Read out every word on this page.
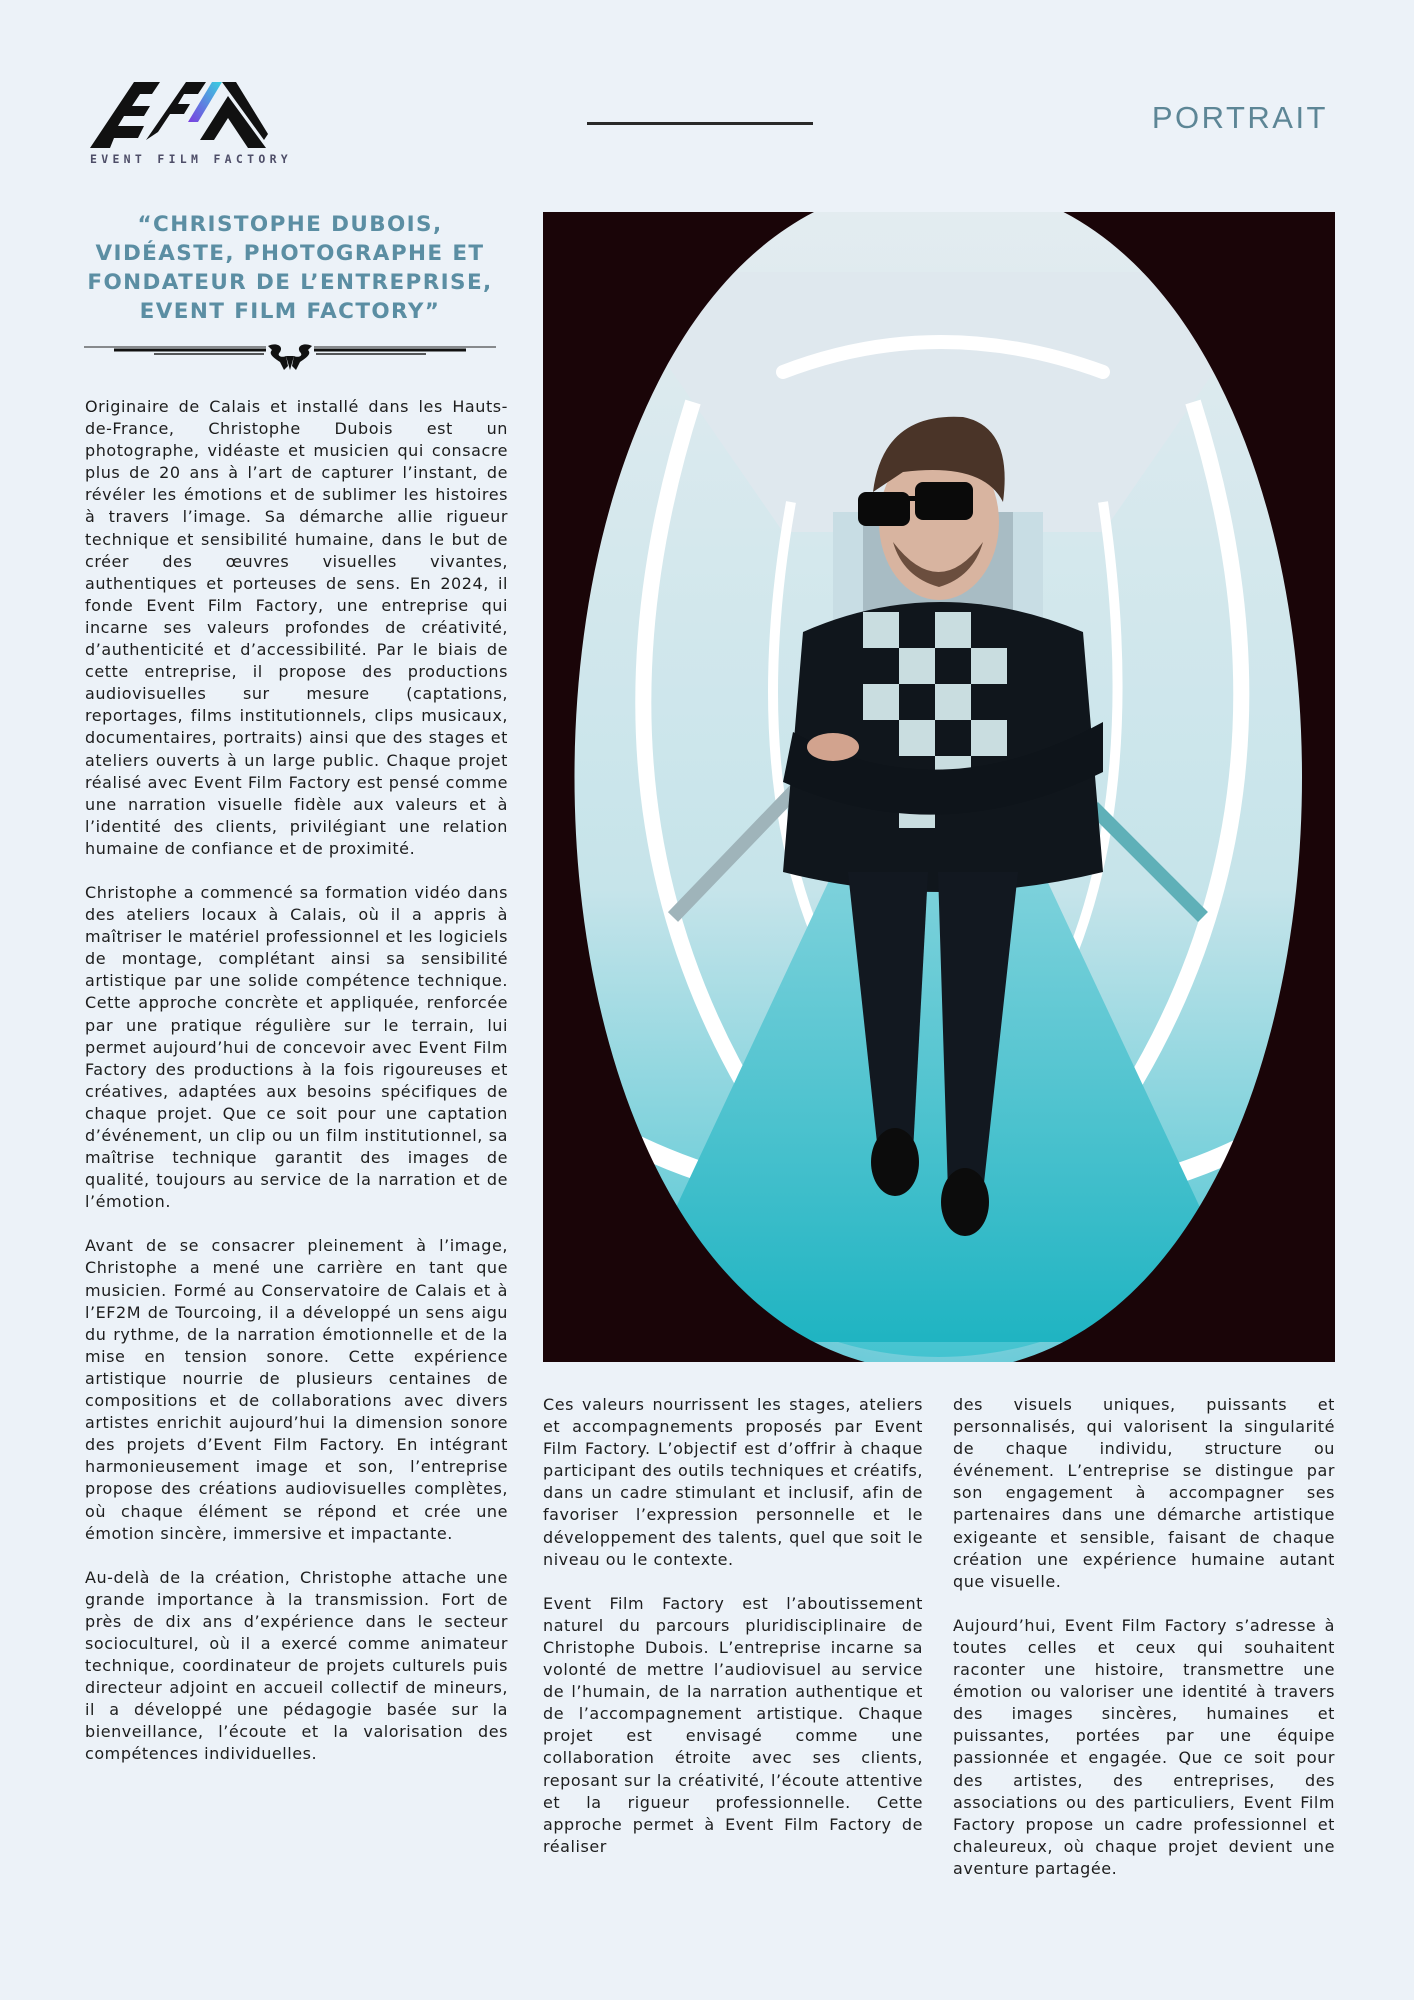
EVENT FILM FACTORY
PORTRAIT
“CHRISTOPHE DUBOIS,
VIDÉASTE, PHOTOGRAPHE ET
FONDATEUR DE L’ENTREPRISE,
EVENT FILM FACTORY”

Originaire de Calais et installé dans les Hauts-de-France, Christophe Dubois est un photographe, vidéaste et musicien qui consacre plus de 20 ans à l’art de capturer l’instant, de révéler les émotions et de sublimer les histoires à travers l’image. Sa démarche allie rigueur technique et sensibilité humaine, dans le but de créer des œuvres visuelles vivantes, authentiques et porteuses de sens. En 2024, il fonde Event Film Factory, une entreprise qui incarne ses valeurs profondes de créativité, d’authenticité et d’accessibilité. Par le biais de cette entreprise, il propose des productions audiovisuelles sur mesure (captations, reportages, films institutionnels, clips musicaux, documentaires, portraits) ainsi que des stages et ateliers ouverts à un large public. Chaque projet réalisé avec Event Film Factory est pensé comme une narration visuelle fidèle aux valeurs et à l’identité des clients, privilégiant une relation humaine de confiance et de proximité.

Christophe a commencé sa formation vidéo dans des ateliers locaux à Calais, où il a appris à maîtriser le matériel professionnel et les logiciels de montage, complétant ainsi sa sensibilité artistique par une solide compétence technique. Cette approche concrète et appliquée, renforcée par une pratique régulière sur le terrain, lui permet aujourd’hui de concevoir avec Event Film Factory des productions à la fois rigoureuses et créatives, adaptées aux besoins spécifiques de chaque projet. Que ce soit pour une captation d’événement, un clip ou un film institutionnel, sa maîtrise technique garantit des images de qualité, toujours au service de la narration et de l’émotion.

Avant de se consacrer pleinement à l’image, Christophe a mené une carrière en tant que musicien. Formé au Conservatoire de Calais et à l’EF2M de Tourcoing, il a développé un sens aigu du rythme, de la narration émotionnelle et de la mise en tension sonore. Cette expérience artistique nourrie de plusieurs centaines de compositions et de collaborations avec divers artistes enrichit aujourd’hui la dimension sonore des projets d’Event Film Factory. En intégrant harmonieusement image et son, l’entreprise propose des créations audiovisuelles complètes, où chaque élément se répond et crée une émotion sincère, immersive et impactante.

Au-delà de la création, Christophe attache une grande importance à la transmission. Fort de près de dix ans d’expérience dans le secteur socioculturel, où il a exercé comme animateur technique, coordinateur de projets culturels puis directeur adjoint en accueil collectif de mineurs, il a développé une pédagogie basée sur la bienveillance, l’écoute et la valorisation des compétences individuelles.

Ces valeurs nourrissent les stages, ateliers et accompagnements proposés par Event Film Factory. L’objectif est d’offrir à chaque participant des outils techniques et créatifs, dans un cadre stimulant et inclusif, afin de favoriser l’expression personnelle et le développement des talents, quel que soit le niveau ou le contexte.

Event Film Factory est l’aboutissement naturel du parcours pluridisciplinaire de Christophe Dubois. L’entreprise incarne sa volonté de mettre l’audiovisuel au service de l’humain, de la narration authentique et de l’accompagnement artistique. Chaque projet est envisagé comme une collaboration étroite avec ses clients, reposant sur la créativité, l’écoute attentive et la rigueur professionnelle. Cette approche permet à Event Film Factory de réaliser

des visuels uniques, puissants et personnalisés, qui valorisent la singularité de chaque individu, structure ou événement. L’entreprise se distingue par son engagement à accompagner ses partenaires dans une démarche artistique exigeante et sensible, faisant de chaque création une expérience humaine autant que visuelle.

Aujourd’hui, Event Film Factory s’adresse à toutes celles et ceux qui souhaitent raconter une histoire, transmettre une émotion ou valoriser une identité à travers des images sincères, humaines et puissantes, portées par une équipe passionnée et engagée. Que ce soit pour des artistes, des entreprises, des associations ou des particuliers, Event Film Factory propose un cadre professionnel et chaleureux, où chaque projet devient une aventure partagée.
